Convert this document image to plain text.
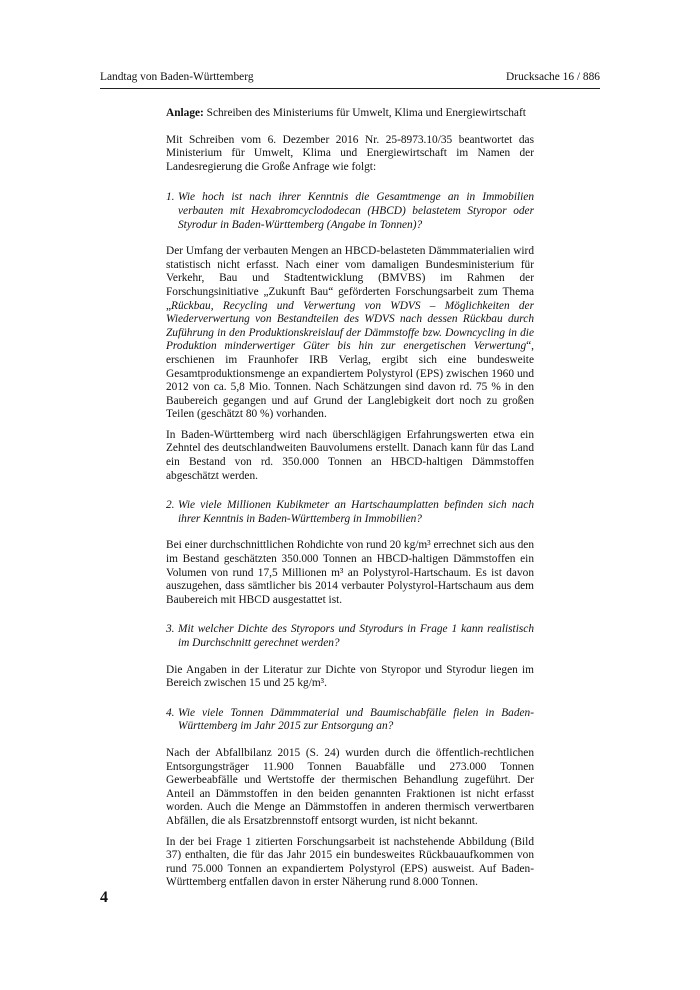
Landtag von Baden-Württemberg	Drucksache 16 / 886

Anlage: Schreiben des Ministeriums für Umwelt, Klima und Energiewirtschaft

Mit Schreiben vom 6. Dezember 2016 Nr. 25-8973.10/35 beantwortet das Ministerium für Umwelt, Klima und Energiewirtschaft im Namen der Landesregierung die Große Anfrage wie folgt:

1. Wie hoch ist nach ihrer Kenntnis die Gesamtmenge an in Immobilien verbauten mit Hexabromcyclododecan (HBCD) belastetem Styropor oder Styrodur in Baden-Württemberg (Angabe in Tonnen)?

Der Umfang der verbauten Mengen an HBCD-belasteten Dämmmaterialien wird statistisch nicht erfasst. Nach einer vom damaligen Bundesministerium für Verkehr, Bau und Stadtentwicklung (BMVBS) im Rahmen der Forschungsinitiative „Zukunft Bau“ geförderten Forschungsarbeit zum Thema „Rückbau, Recycling und Verwertung von WDVS – Möglichkeiten der Wiederverwertung von Bestandteilen des WDVS nach dessen Rückbau durch Zuführung in den Produktionskreislauf der Dämmstoffe bzw. Downcycling in die Produktion minderwertiger Güter bis hin zur energetischen Verwertung“, erschienen im Fraunhofer IRB Verlag, ergibt sich eine bundesweite Gesamtproduktionsmenge an expandiertem Polystyrol (EPS) zwischen 1960 und 2012 von ca. 5,8 Mio. Tonnen. Nach Schätzungen sind davon rd. 75 % in den Baubereich gegangen und auf Grund der Langlebigkeit dort noch zu großen Teilen (geschätzt 80 %) vorhanden.

In Baden-Württemberg wird nach überschlägigen Erfahrungswerten etwa ein Zehntel des deutschlandweiten Bauvolumens erstellt. Danach kann für das Land ein Bestand von rd. 350.000 Tonnen an HBCD-haltigen Dämmstoffen abgeschätzt werden.

2. Wie viele Millionen Kubikmeter an Hartschaumplatten befinden sich nach ihrer Kenntnis in Baden-Württemberg in Immobilien?

Bei einer durchschnittlichen Rohdichte von rund 20 kg/m³ errechnet sich aus den im Bestand geschätzten 350.000 Tonnen an HBCD-haltigen Dämmstoffen ein Volumen von rund 17,5 Millionen m³ an Polystyrol-Hartschaum. Es ist davon auszugehen, dass sämtlicher bis 2014 verbauter Polystyrol-Hartschaum aus dem Baubereich mit HBCD ausgestattet ist.

3. Mit welcher Dichte des Styropors und Styrodurs in Frage 1 kann realistisch im Durchschnitt gerechnet werden?

Die Angaben in der Literatur zur Dichte von Styropor und Styrodur liegen im Bereich zwischen 15 und 25 kg/m³.

4. Wie viele Tonnen Dämmmaterial und Baumischabfälle fielen in Baden-Württemberg im Jahr 2015 zur Entsorgung an?

Nach der Abfallbilanz 2015 (S. 24) wurden durch die öffentlich-rechtlichen Entsorgungsträger 11.900 Tonnen Bauabfälle und 273.000 Tonnen Gewerbeabfälle und Wertstoffe der thermischen Behandlung zugeführt. Der Anteil an Dämmstoffen in den beiden genannten Fraktionen ist nicht erfasst worden. Auch die Menge an Dämmstoffen in anderen thermisch verwertbaren Abfällen, die als Ersatzbrennstoff entsorgt wurden, ist nicht bekannt.

In der bei Frage 1 zitierten Forschungsarbeit ist nachstehende Abbildung (Bild 37) enthalten, die für das Jahr 2015 ein bundesweites Rückbauaufkommen von rund 75.000 Tonnen an expandiertem Polystyrol (EPS) ausweist. Auf Baden-Württemberg entfallen davon in erster Näherung rund 8.000 Tonnen.

4
